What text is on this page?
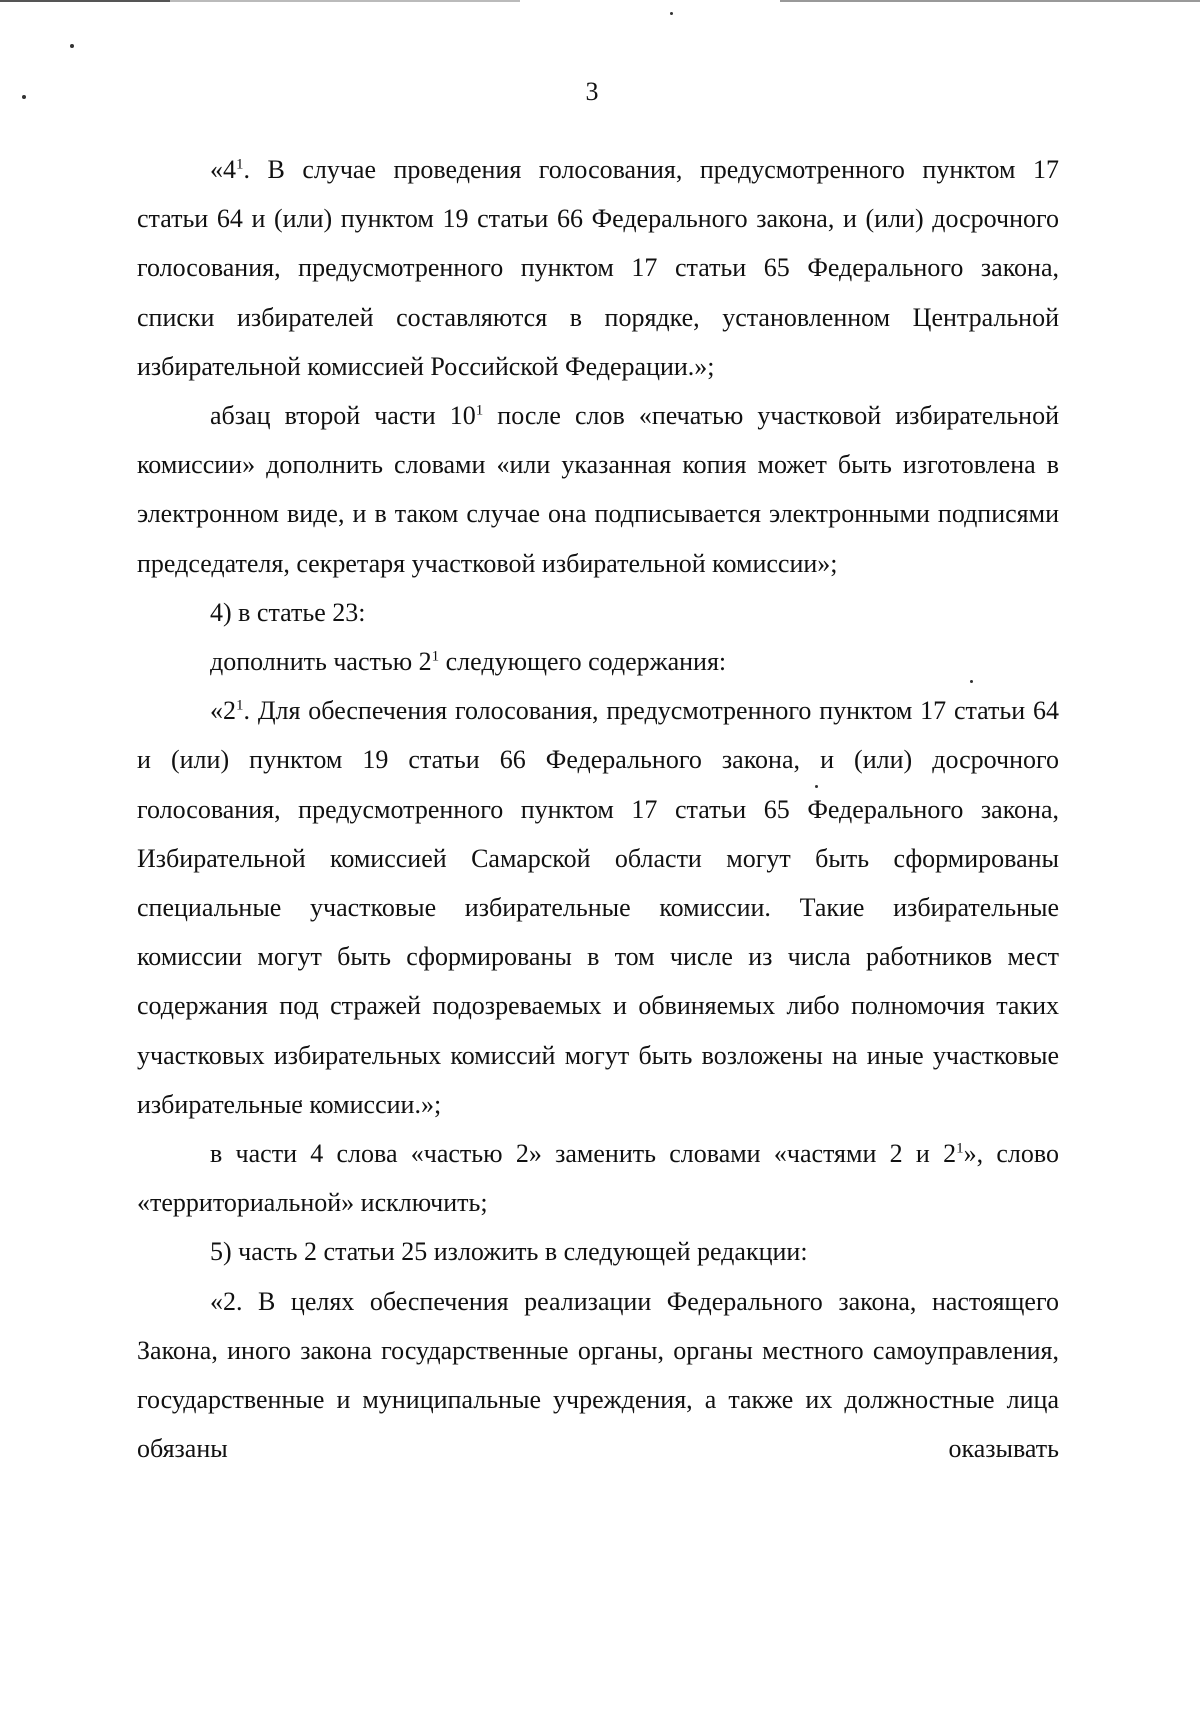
3

«$4^1$. В случае проведения голосования, предусмотренного пунктом 17 статьи 64 и (или) пунктом 19 статьи 66 Федерального закона, и (или) досрочного голосования, предусмотренного пунктом 17 статьи 65 Федерального закона, списки избирателей составляются в порядке, установленном Центральной избирательной комиссией Российской Федерации.»;

абзац второй части $10^1$ после слов «печатью участковой избирательной комиссии» дополнить словами «или указанная копия может быть изготовлена в электронном виде, и в таком случае она подписывается электронными подписями председателя, секретаря участковой избирательной комиссии»;

4) в статье 23:

дополнить частью $2^1$ следующего содержания:

«$2^1$. Для обеспечения голосования, предусмотренного пунктом 17 статьи 64 и (или) пунктом 19 статьи 66 Федерального закона, и (или) досрочного голосования, предусмотренного пунктом 17 статьи 65 Федерального закона, Избирательной комиссией Самарской области могут быть сформированы специальные участковые избирательные комиссии. Такие избирательные комиссии могут быть сформированы в том числе из числа работников мест содержания под стражей подозреваемых и обвиняемых либо полномочия таких участковых избирательных комиссий могут быть возложены на иные участковые избирательные комиссии.»;

в части 4 слова «частью 2» заменить словами «частями 2 и $2^1$», слово «территориальной» исключить;

5) часть 2 статьи 25 изложить в следующей редакции:

«2. В целях обеспечения реализации Федерального закона, настоящего Закона, иного закона государственные органы, органы местного самоуправления, государственные и муниципальные учреждения, а также их должностные лица обязаны оказывать
